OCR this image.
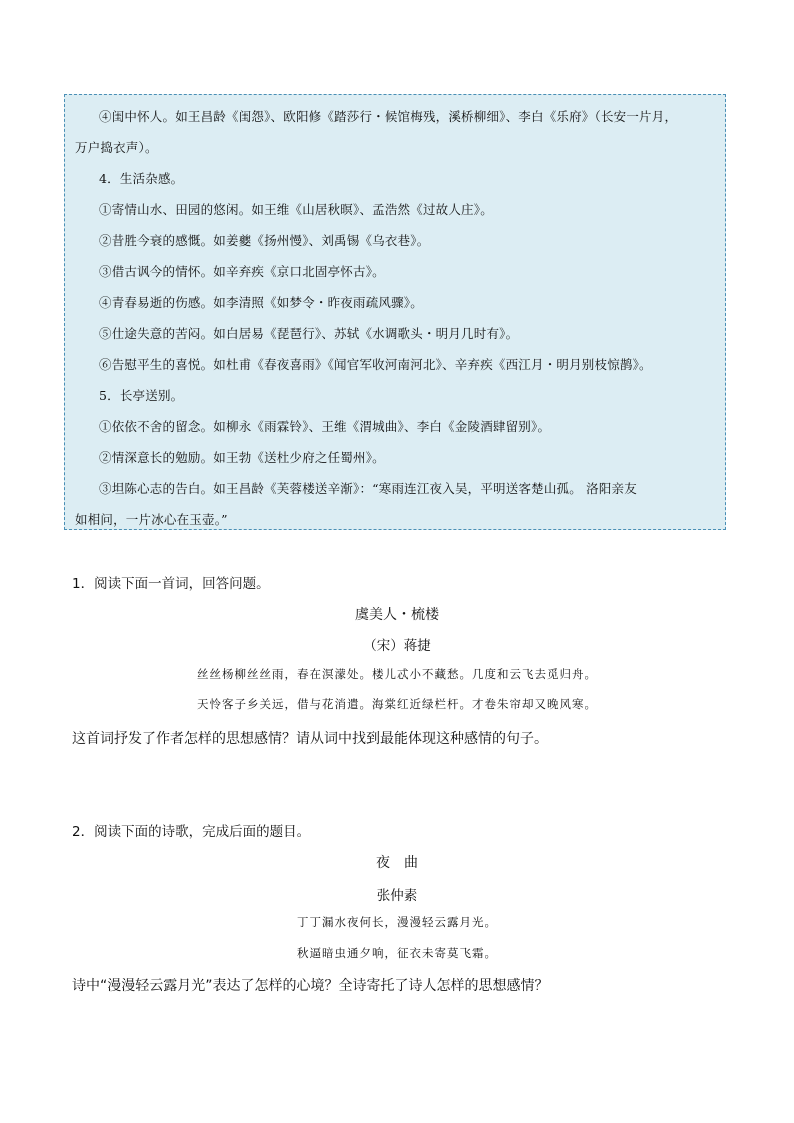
④闺中怀人。如王昌龄《闺怨》、欧阳修《踏莎行・候馆梅残，溪桥柳细》、李白《乐府》（长安一片月，
万户捣衣声）。
4．生活杂感。
①寄情山水、田园的悠闲。如王维《山居秋暝》、孟浩然《过故人庄》。
②昔胜今衰的感慨。如姜夔《扬州慢》、刘禹锡《乌衣巷》。
③借古讽今的情怀。如辛弃疾《京口北固亭怀古》。
④青春易逝的伤感。如李清照《如梦令・昨夜雨疏风骤》。
⑤仕途失意的苦闷。如白居易《琵琶行》、苏轼《水调歌头・明月几时有》。
⑥告慰平生的喜悦。如杜甫《春夜喜雨》《闻官军收河南河北》、辛弃疾《西江月・明月别枝惊鹊》。
5．长亭送别。
①依依不舍的留念。如柳永《雨霖铃》、王维《渭城曲》、李白《金陵酒肆留别》。
②情深意长的勉励。如王勃《送杜少府之任蜀州》。
③坦陈心志的告白。如王昌龄《芙蓉楼送辛渐》：“寒雨连江夜入吴，平明送客楚山孤。 洛阳亲友
如相问，一片冰心在玉壶。”
1．阅读下面一首词，回答问题。
虞美人・梳楼
（宋）蒋捷
丝丝杨柳丝丝雨，春在溟濛处。楼儿忒小不藏愁。几度和云飞去觅归舟。
天怜客子乡关远，借与花消遣。海棠红近绿栏杆。才卷朱帘却又晚风寒。
这首词抒发了作者怎样的思想感情？请从词中找到最能体现这种感情的句子。
2．阅读下面的诗歌，完成后面的题目。
夜　曲
张仲素
丁丁漏水夜何长，漫漫轻云露月光。
秋逼暗虫通夕响，征衣未寄莫飞霜。
诗中“漫漫轻云露月光”表达了怎样的心境？全诗寄托了诗人怎样的思想感情？
